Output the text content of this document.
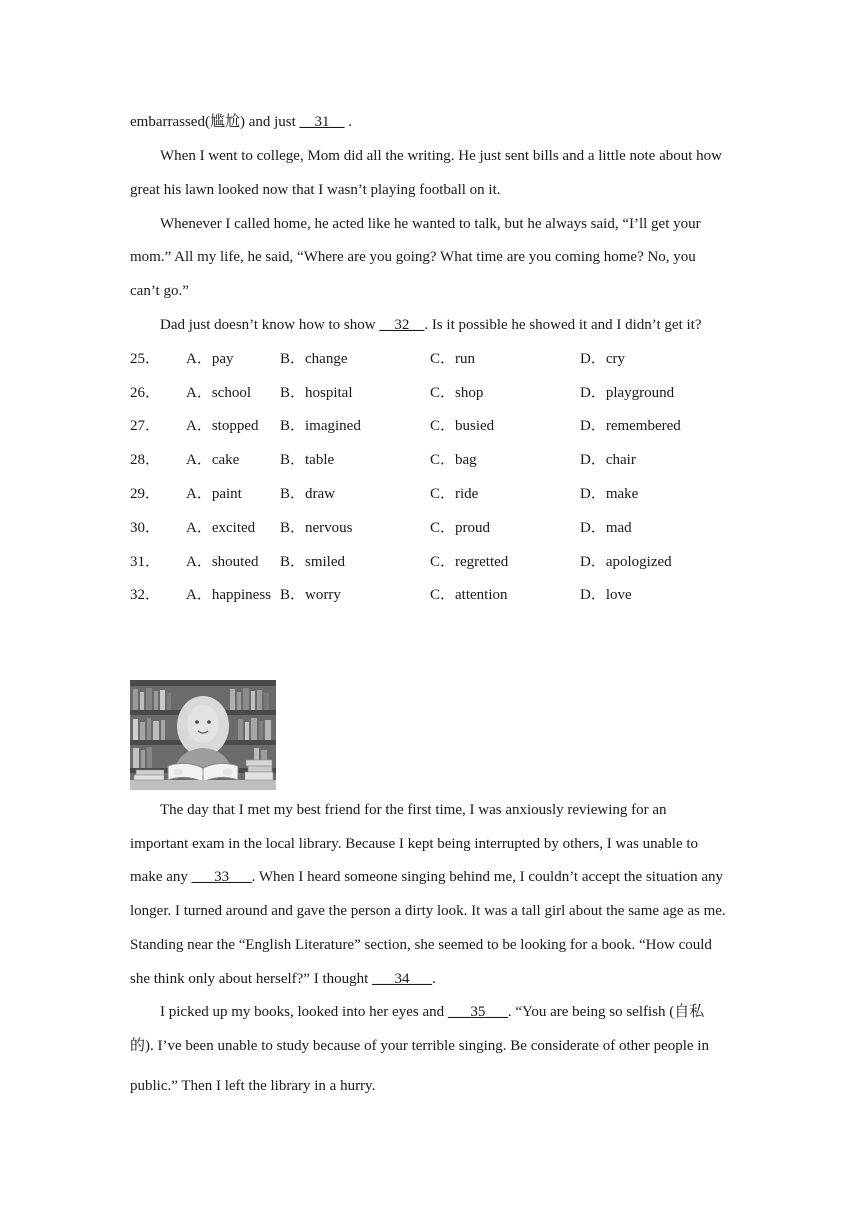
embarrassed(尴尬) and just __31__ .
When I went to college, Mom did all the writing. He just sent bills and a little note about how
great his lawn looked now that I wasn’t playing football on it.
Whenever I called home, he acted like he wanted to talk, but he always said, “I’ll get your
mom.” All my life, he said, “Where are you going? What time are you coming home? No, you
can’t go.”
Dad just doesn’t know how to show __32__. Is it possible he showed it and I didn’t get it?
25． A．pay	B．change	C．run	D．cry
26． A．school B．hospital	C．shop	D．playground
27． A．stopped B．imagined	C．busied	D．remembered
28． A．cake	B．table	C．bag	D．chair
29． A．paint	B．draw	C．ride	D．make
30． A．excited B．nervous	C．proud	D．mad
31． A．shouted B．smiled	C．regretted	D．apologized
32． A．happiness B．worry	C．attention	D．love
The day that I met my best friend for the first time, I was anxiously reviewing for an
important exam in the local library. Because I kept being interrupted by others, I was unable to
make any ___33___. When I heard someone singing behind me, I couldn’t accept the situation any
longer. I turned around and gave the person a dirty look. It was a tall girl about the same age as me.
Standing near the “English Literature” section, she seemed to be looking for a book. “How could
she think only about herself?” I thought ___34___.
I picked up my books, looked into her eyes and ___35___. “You are being so selfish (自私
的). I’ve been unable to study because of your terrible singing. Be considerate of other people in
public.” Then I left the library in a hurry.
